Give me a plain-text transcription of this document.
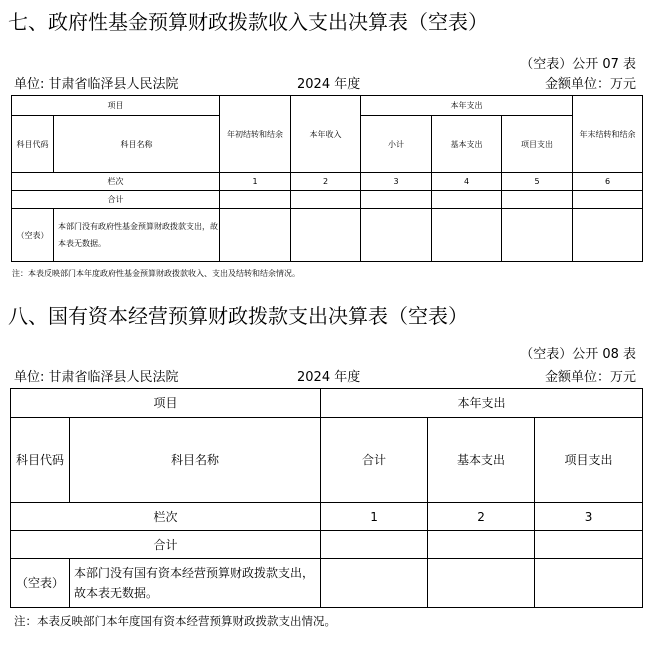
七、政府性基金预算财政拨款收入支出决算表（空表）
（空表）公开 07 表
单位: 甘肃省临泽县人民法院	2024 年度	金额单位：万元
项目		年初结转和结余	本年收入	本年支出			年末结转和结余
科目代码	科目名称			小计	基本支出	项目支出	
栏次		1	2	3	4	5	6
合计							
（空表）	本部门没有政府性基金预算财政拨款支出，故本表无数据。						
注：本表反映部门本年度政府性基金预算财政拨款收入、支出及结转和结余情况。
八、国有资本经营预算财政拨款支出决算表（空表）
（空表）公开 08 表
单位: 甘肃省临泽县人民法院	2024 年度	金额单位：万元
项目		本年支出		
科目代码	科目名称	合计	基本支出	项目支出
栏次		1	2	3
合计				
（空表）	本部门没有国有资本经营预算财政拨款支出，故本表无数据。			
注：本表反映部门本年度国有资本经营预算财政拨款支出情况。
